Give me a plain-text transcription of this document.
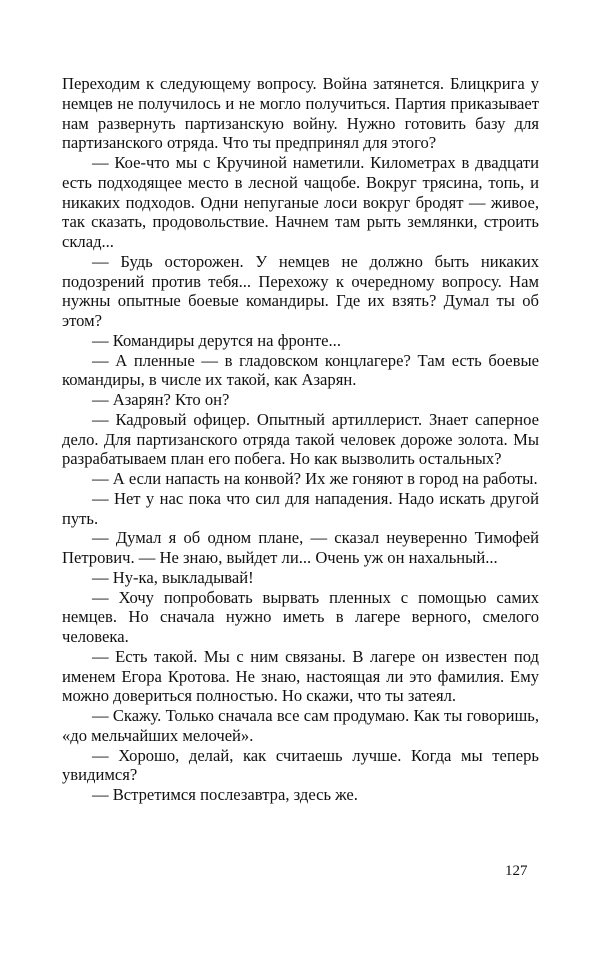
Переходим к следующему вопросу. Война затянется. Блицкрига у немцев не получилось и не могло получиться. Партия приказывает нам развернуть партизанскую войну. Нужно готовить базу для партизанского отряда. Что ты предпринял для этого?

— Кое-что мы с Кручиной наметили. Километрах в двадцати есть подходящее место в лесной чащобе. Вокруг трясина, топь, и никаких подходов. Одни непуганые лоси вокруг бродят — живое, так сказать, продовольствие. Начнем там рыть землянки, строить склад...

— Будь осторожен. У немцев не должно быть никаких подозрений против тебя... Перехожу к очередному вопросу. Нам нужны опытные боевые командиры. Где их взять? Думал ты об этом?

— Командиры дерутся на фронте...

— А пленные — в гладовском концлагере? Там есть боевые командиры, в числе их такой, как Азарян.

— Азарян? Кто он?

— Кадровый офицер. Опытный артиллерист. Знает саперное дело. Для партизанского отряда такой человек дороже золота. Мы разрабатываем план его побега. Но как вызволить остальных?

— А если напасть на конвой? Их же гоняют в город на работы.

— Нет у нас пока что сил для нападения. Надо искать другой путь.

— Думал я об одном плане, — сказал неуверенно Тимофей Петрович. — Не знаю, выйдет ли... Очень уж он нахальный...

— Ну-ка, выкладывай!

— Хочу попробовать вырвать пленных с помощью самих немцев. Но сначала нужно иметь в лагере верного, смелого человека.

— Есть такой. Мы с ним связаны. В лагере он известен под именем Егора Кротова. Не знаю, настоящая ли это фамилия. Ему можно довериться полностью. Но скажи, что ты затеял.

— Скажу. Только сначала все сам продумаю. Как ты говоришь, «до мельчайших мелочей».

— Хорошо, делай, как считаешь лучше. Когда мы теперь увидимся?

— Встретимся послезавтра, здесь же.

127
